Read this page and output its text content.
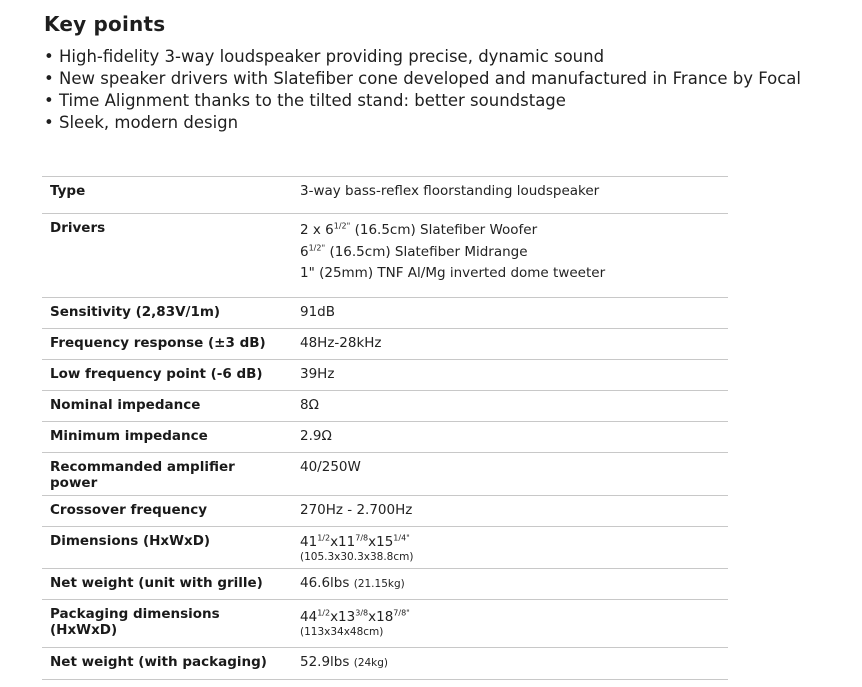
Key points
• High-fidelity 3-way loudspeaker providing precise, dynamic sound
• New speaker drivers with Slatefiber cone developed and manufactured in France by Focal
• Time Alignment thanks to the tilted stand: better soundstage
• Sleek, modern design
Type	3-way bass-reflex floorstanding loudspeaker
Drivers	2 x $6^{1/2"}$ (16.5cm) Slatefiber Woofer
$6^{1/2"}$ (16.5cm) Slatefiber Midrange
1" (25mm) TNF Al/Mg inverted dome tweeter

Sensitivity (2,83V/1m)	91dB
Frequency response (±3 dB)	48Hz-28kHz
Low frequency point (-6 dB)	39Hz
Nominal impedance	8Ω
Minimum impedance	2.9Ω
Recommanded amplifier power	40/250W
Crossover frequency	270Hz - 2.700Hz
Dimensions (HxWxD)	$41^{1/2}x11^{7/8}x15^{1/4"}$
(105.3x30.3x38.8cm)

Net weight (unit with grille)	46.6lbs (21.15kg)
Packaging dimensions (HxWxD)	$44^{1/2}x13^{3/8}x18^{7/8"}$
(113x34x48cm)

Net weight (with packaging)	52.9lbs (24kg)
